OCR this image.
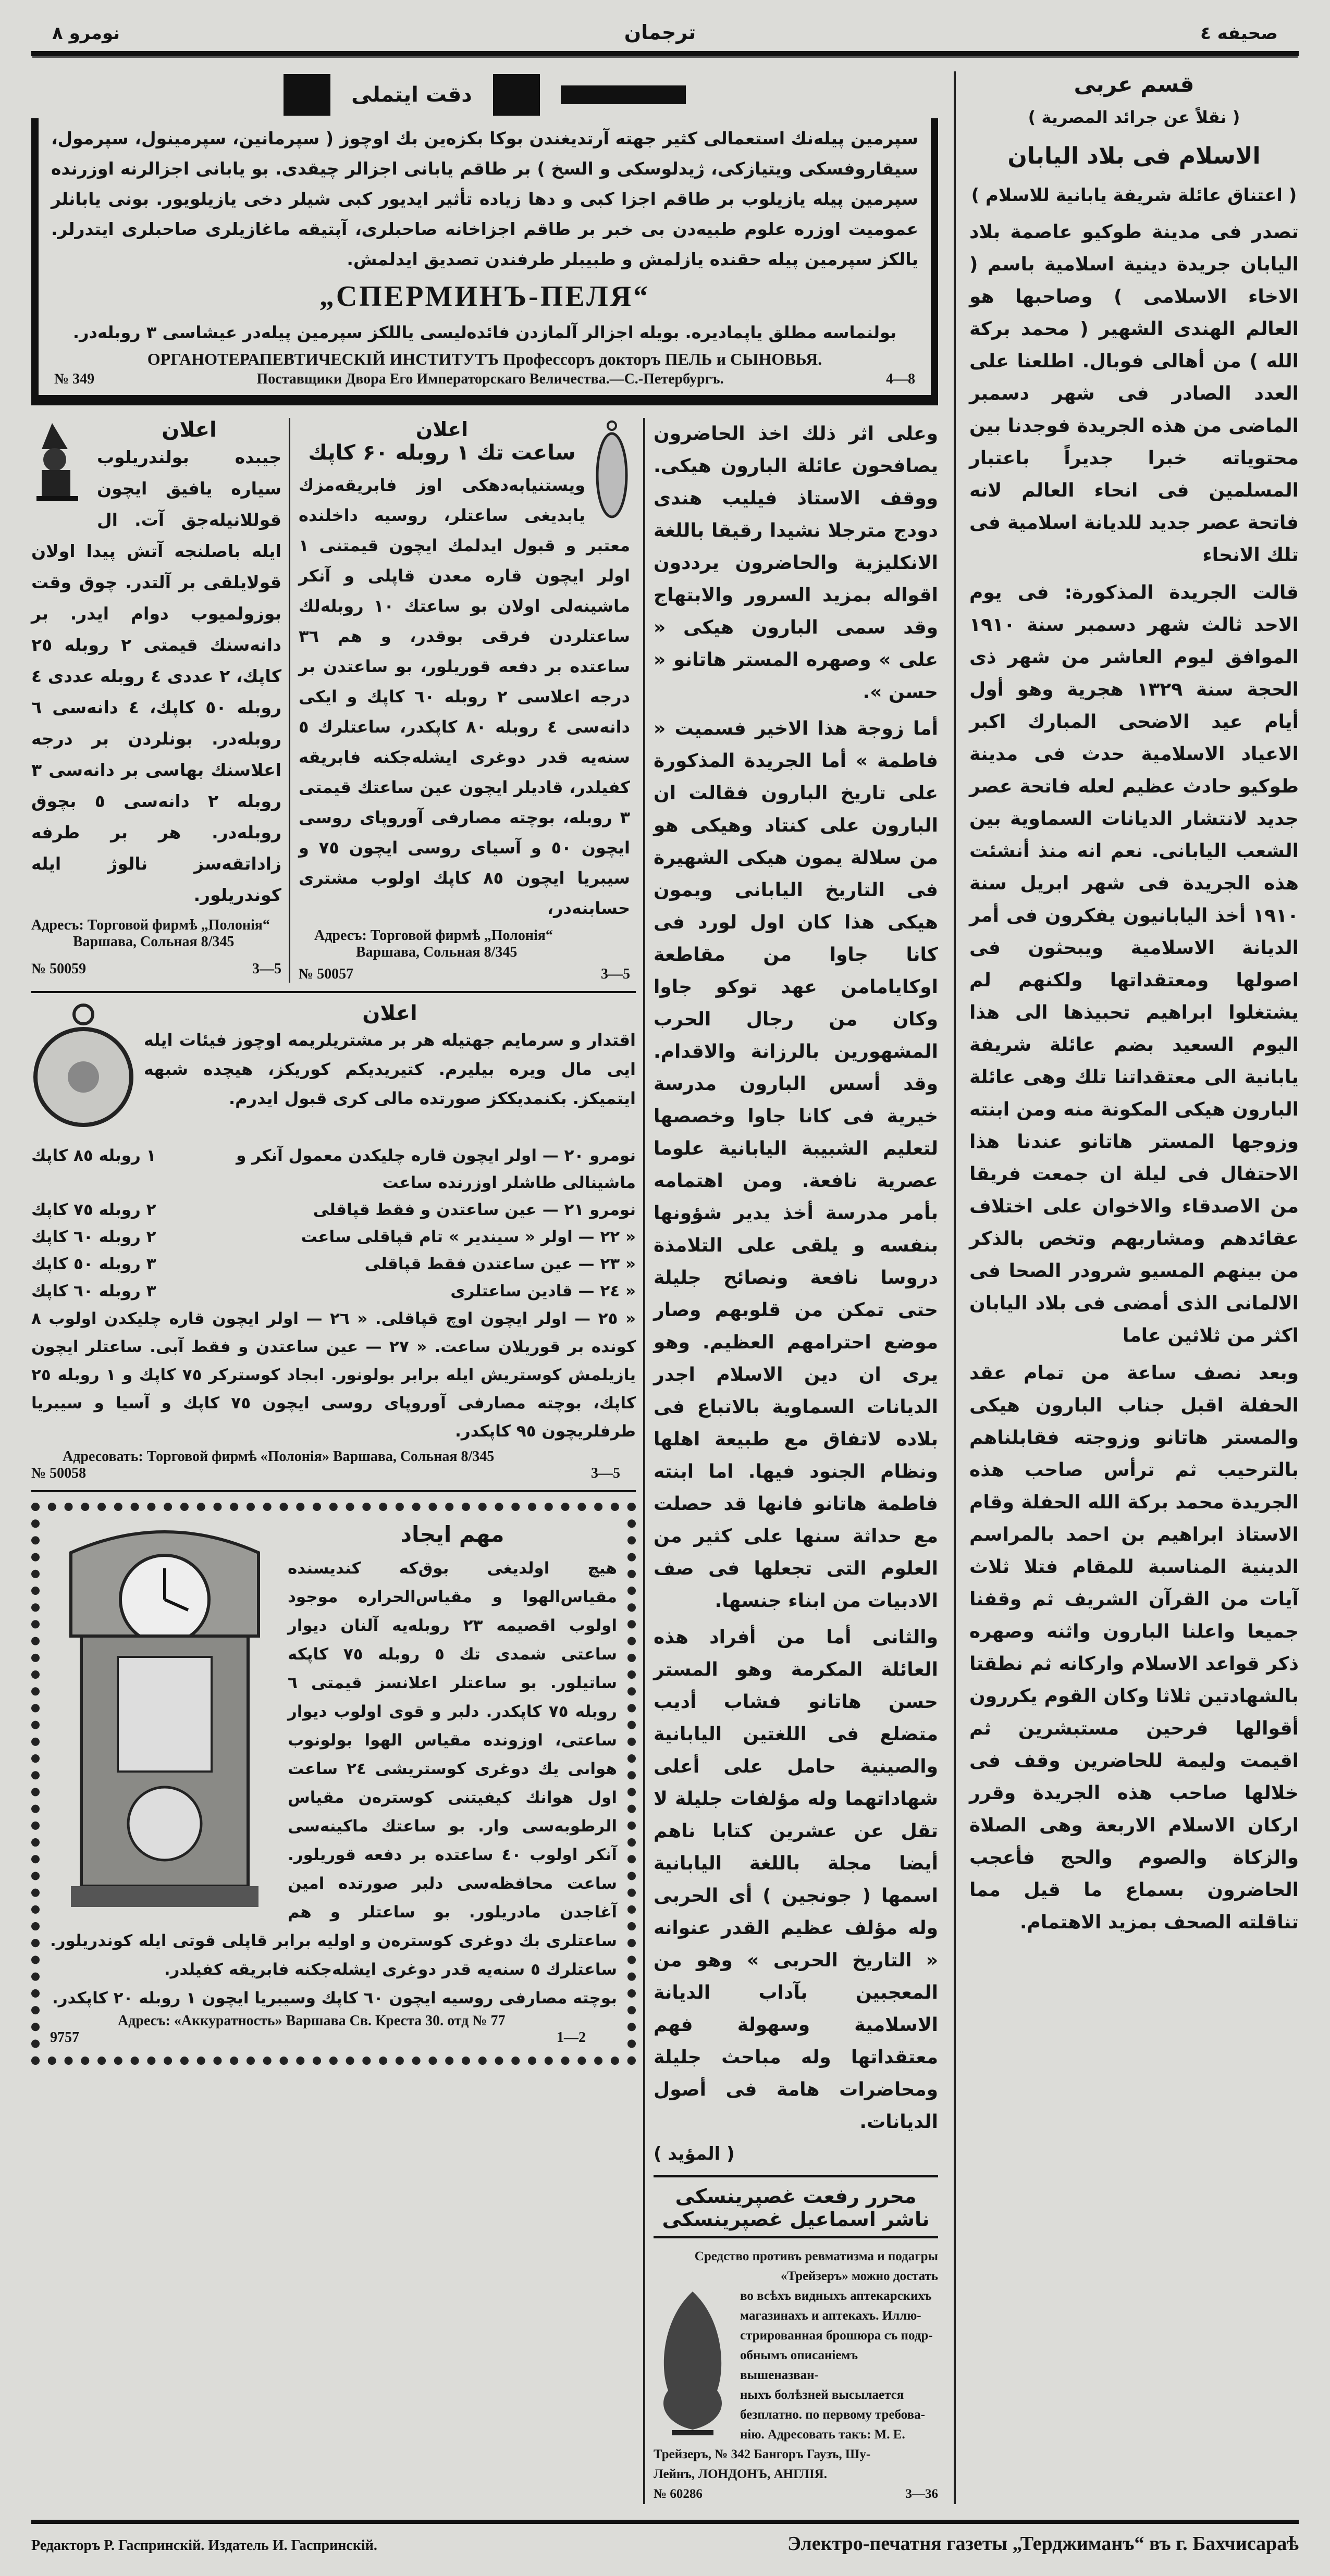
نومرو ۸	ترجمان	صحيفه ٤
دقت ايتملى

سپرمين پيله‌نك استعمالى كثير جهته آرتديغندن بوكا بكزه‌ين بك اوچوز ( سپرمانين، سپرمينول، سپرمول، سيقاروفسكى ويتيازكى، ژيدلوسكى و السخ ) بر طاقم يابانى اجزالر چيقدى. بو يابانى اجزالرنه اوزرنده سپرمين پيله يازيلوب بر طاقم اجزا كبى و دها زياده تأثير ايديور كبى شيلر دخى يازيلويور. بونى يابانلر عموميت اوزره علوم طبيه‌دن بى خبر بر طاقم اجزاخانه صاحبلرى، آپتيقه ماغازيلرى صاحبلرى ايتدرلر. يالكز سپرمين پيله حقنده يازلمش و طبيبلر طرفندن تصديق ايدلمش.

„СПЕРМИНЪ-ПЕЛЯ“

بولنماسه مطلق ياپماديره. بويله اجزالر آلمازدن فائده‌ليسى ياللكز سپرمين پيله‌در عيشاسى ٣ روبله‌در.

ОРГАНОТЕРАПЕВТИЧЕСКІЙ ИНСТИТУТЪ Профессоръ докторъ ПЕЛЬ и СЫНОВЬЯ.
№ 349	Поставщики Двора Его Императорскаго Величества.—С.-Петербургъ.	4—8
اعلان

جيبده بولندريلوب سياره يافيق ايچون قوللانيله‌جق آت. ال ايله باصلنجه آتش پيدا اولان قولايلقى بر آلتدر. چوق وقت بوزولميوب دوام ايدر. بر دانه‌سنك قيمتى ٢ روبله ٢٥ كاپك، ٢ عددى ٤ روبله عددى ٤ روبله ٥٠ كاپك، ٤ دانه‌سى ٦ روبله‌در. بونلردن بر درجه اعلاسنك بهاسى بر دانه‌سى ٣ روبله ٢ دانه‌سى ٥ بچوق روبله‌در. هر بر طرفه زاداتقه‌سز نالوژ ايله كوندريلور.

Адресъ: Торговой фирмѣ „Полонія“
Варшава, Сольная 8/345
№ 50059	3—5
اعلان
ساعت تك ۱ روبله ۶۰ كاپك

ويستنيابه‌دهكى اوز فابريقه‌مزك يابديغى ساعتلر، روسيه داخلنده معتبر و قبول ايدلمك ايچون قيمتنى ١ اولر ايچون قاره معدن قاپلى و آنكر ماشينه‌لى اولان بو ساعتك ١٠ روبله‌لك ساعتلردن فرقى بوقدر، و هم ٣٦ ساعتده بر دفعه قوريلور، بو ساعتدن بر درجه اعلاسى ٢ روبله ٦٠ كاپك و ايكى دانه‌سى ٤ روبله ٨٠ كاپكدر، ساعتلرك ٥ سنه‌يه قدر دوغرى ايشله‌جكنه فابريقه كفيلدر، قاديلر ايچون عين ساعتك قيمتى ٣ روبله، بوچته مصارفى آوروپاى روسى ايچون ٥٠ و آسياى روسى ايچون ٧٥ و سيبريا ايچون ٨٥ كاپك اولوب مشترى حسابنه‌در،

Адресъ: Торговой фирмѣ „Полонія“
Варшава, Сольная 8/345
№ 50057	3—5
اعلان

اقتدار و سرمايم جهتيله هر بر مشتريلريمه اوچوز فيئات ايله ايى مال ويره بيليرم. كتيريديكم كوريكز، هيچده شبهه ايتميكز. بكنمديككز صورتده مالى كرى قبول ايدرم.

نومرو ٢٠ — اولر ايچون قاره چليكدن معمول آنكر و ماشينالى طاشلر اوزرنده ساعت
١ روبله ٨٥ كاپك
نومرو ٢١ — عين ساعتدن و فقط قپاقلى
٢ روبله ٧٥ كاپك
« ٢٢ — اولر « سيندير » تام قپاقلى ساعت
٢ روبله ٦٠ كاپك
« ٢٣ — عين ساعتدن فقط قپاقلى
٣ روبله ٥٠ كاپك
« ٢٤ — قادين ساعتلرى
٣ روبله ٦٠ كاپك

« ٢٥ — اولر ايچون اوچ قپاقلى. « ٢٦ — اولر ايچون قاره چليكدن اولوب ٨ كونده بر قوريلان ساعت. « ٢٧ — عين ساعتدن و فقط آبى. ساعتلر ايچون يازيلمش كوستريش ايله برابر بولونور. ابجاد كوستركر ٧٥ كاپك و ١ روبله ٢٥ كاپك، بوچته مصارفى آوروپاى روسى ايچون ٧٥ كاپك و آسيا و سيبريا طرفلريچون ٩٥ كاپكدر.

Адресовать: Торговой фирмѣ «Полонія» Варшава, Сольная 8/345
№ 50058	3—5
مهم ايجاد

هيچ اولديغى بوق‌كه كنديسنده مقياس‌الهوا و مقياس‌الحراره موجود اولوب اقصيمه ٢٣ روبله‌يه آلنان ديوار ساعتى شمدى تك ٥ روبله ٧٥ كاپكه ساتيلور. بو ساعتلر اعلانسز قيمتى ٦ روبله ٧٥ كاپكدر. دلبر و قوى اولوب ديوار ساعتى، اوزونده مقياس الهوا بولونوب هواىى يك دوغرى كوستريشى ٢٤ ساعت اول هوانك كيفيتنى كوستره‌ن مقياس الرطوبه‌سى وار. بو ساعتك ماكينه‌سى آنكر اولوب ٤٠ ساعتده بر دفعه قوريلور. ساعت محافظه‌سى دلبر صورتده امين آغاجدن مادريلور. بو ساعتلر و هم ساعتلرى بك دوغرى كوستره‌ن و اوليه برابر قاپلى قوتى ايله كوندريلور. ساعتلرك ٥ سنه‌يه قدر دوغرى ايشله‌جكنه فابريقه كفيلدر.

بوچته مصارفى روسيه ايچون ٦٠ كاپك وسيبريا ايچون ١ روبله ٢٠ كاپكدر.

Адресъ: «Аккуратность» Варшава Св. Креста 30. отд № 77
9757	1—2

وعلى اثر ذلك اخذ الحاضرون يصافحون عائلة البارون هيكى. ووقف الاستاذ فيليب هندى دودج مترجلا نشيدا رقيقا باللغة الانكليزية والحاضرون يرددون اقواله بمزيد السرور والابتهاج وقد سمى البارون هيكى « على » وصهره المستر هاتانو « حسن ».

أما زوجة هذا الاخير فسميت « فاطمة » أما الجريدة المذكورة على تاريخ البارون فقالت ان البارون على كنتاد وهيكى هو من سلالة يمون هيكى الشهيرة فى التاريخ اليابانى ويمون هيكى هذا كان اول لورد فى كانا جاوا من مقاطعة اوكايامامن عهد توكو جاوا وكان من رجال الحرب المشهورين بالرزانة والاقدام. وقد أسس البارون مدرسة خيرية فى كانا جاوا وخصصها لتعليم الشبيبة اليابانية علوما عصرية نافعة. ومن اهتمامه بأمر مدرسة أخذ يدير شؤونها بنفسه و يلقى على التلامذة دروسا نافعة ونصائح جليلة حتى تمكن من قلوبهم وصار موضع احترامهم العظيم. وهو يرى ان دين الاسلام اجدر الديانات السماوية بالاتباع فى بلاده لاتفاق مع طبيعة اهلها ونظام الجنود فيها. اما ابنته فاطمة هاتانو فانها قد حصلت مع حداثة سنها على كثير من العلوم التى تجعلها فى صف الادبيات من ابناء جنسها.

والثانى أما من أفراد هذه العائلة المكرمة وهو المستر حسن هاتانو فشاب أديب متضلع فى اللغتين اليابانية والصينية حامل على أعلى شهاداتهما وله مؤلفات جليلة لا تقل عن عشرين كتابا ناهم أيضا مجلة باللغة اليابانية اسمها ( جونجين ) أى الحربى وله مؤلف عظيم القدر عنوانه « التاريخ الحربى » وهو من المعجبين بآداب الديانة الاسلامية وسهولة فهم معتقداتها وله مباحث جليلة ومحاضرات هامة فى أصول الديانات.

( المؤيد )
محرر رفعت غصپرينسكى
ناشر اسماعيل غصپرينسكى
Средство противъ ревматизма и подагры
«Трейзеръ» можно достать
во всѣхъ видныхъ аптекарскихъ
магазинахъ и аптекахъ. Иллю-
стрированная брошюра съ подр-
обнымъ описаніемъ вышеназван-
ныхъ болѣзней высылается
безплатно. по первому требова-
нію. Адресовать такъ: М. Е.
Трейзеръ, № 342 Бангоръ Гаузъ, Шу-
Лейнъ, ЛОНДОНЪ, АНГЛІЯ.
№ 60286	3—36
قسم عربى
( نقلاً عن جرائد المصرية )
الاسلام فى بلاد اليابان
( اعتناق عائلة شريفة يابانية للاسلام )

تصدر فى مدينة طوكيو عاصمة بلاد اليابان جريدة دينية اسلامية باسم ( الاخاء الاسلامى ) وصاحبها هو العالم الهندى الشهير ( محمد بركة الله ) من أهالى فوبال. اطلعنا على العدد الصادر فى شهر دسمبر الماضى من هذه الجريدة فوجدنا بين محتوياته خبرا جديراً باعتبار المسلمين فى انحاء العالم لانه فاتحة عصر جديد للديانة اسلامية فى تلك الانحاء

قالت الجريدة المذكورة: فى يوم الاحد ثالث شهر دسمبر سنة ١٩١٠ الموافق ليوم العاشر من شهر ذى الحجة سنة ١٣٢٩ هجرية وهو أول أيام عيد الاضحى المبارك اكبر الاعياد الاسلامية حدث فى مدينة طوكيو حادث عظيم لعله فاتحة عصر جديد لانتشار الديانات السماوية بين الشعب اليابانى. نعم انه منذ أنشئت هذه الجريدة فى شهر ابريل سنة ١٩١٠ أخذ اليابانيون يفكرون فى أمر الديانة الاسلامية ويبحثون فى اصولها ومعتقداتها ولكنهم لم يشتغلوا ابراهيم تحبيذها الى هذا اليوم السعيد بضم عائلة شريفة يابانية الى معتقداتنا تلك وهى عائلة البارون هيكى المكونة منه ومن ابنته وزوجها المستر هاتانو عندنا هذا الاحتفال فى ليلة ان جمعت فريقا من الاصدقاء والاخوان على اختلاف عقائدهم ومشاربهم وتخص بالذكر من بينهم المسيو شرودر الصحا فى الالمانى الذى أمضى فى بلاد اليابان اكثر من ثلاثين عاما

وبعد نصف ساعة من تمام عقد الحفلة اقبل جناب البارون هيكى والمستر هاتانو وزوجته فقابلناهم بالترحيب ثم ترأس صاحب هذه الجريدة محمد بركة الله الحفلة وقام الاستاذ ابراهيم بن احمد بالمراسم الدينية المناسبة للمقام فتلا ثلاث آيات من القرآن الشريف ثم وقفنا جميعا واعلنا البارون واثنه وصهره ذكر قواعد الاسلام واركانه ثم نطقتا بالشهادتين ثلاثا وكان القوم يكررون أقوالها فرحين مستبشرين ثم اقيمت وليمة للحاضرين وقف فى خلالها صاحب هذه الجريدة وقرر اركان الاسلام الاربعة وهى الصلاة والزكاة والصوم والحج فأعجب الحاضرون بسماع ما قيل مما تناقلته الصحف بمزيد الاهتمام.

Редакторъ Р. Гаспринскій. Издатель И. Гаспринскій.	Электро-печатня газеты „Терджиманъ“ въ г. Бахчисараѣ
